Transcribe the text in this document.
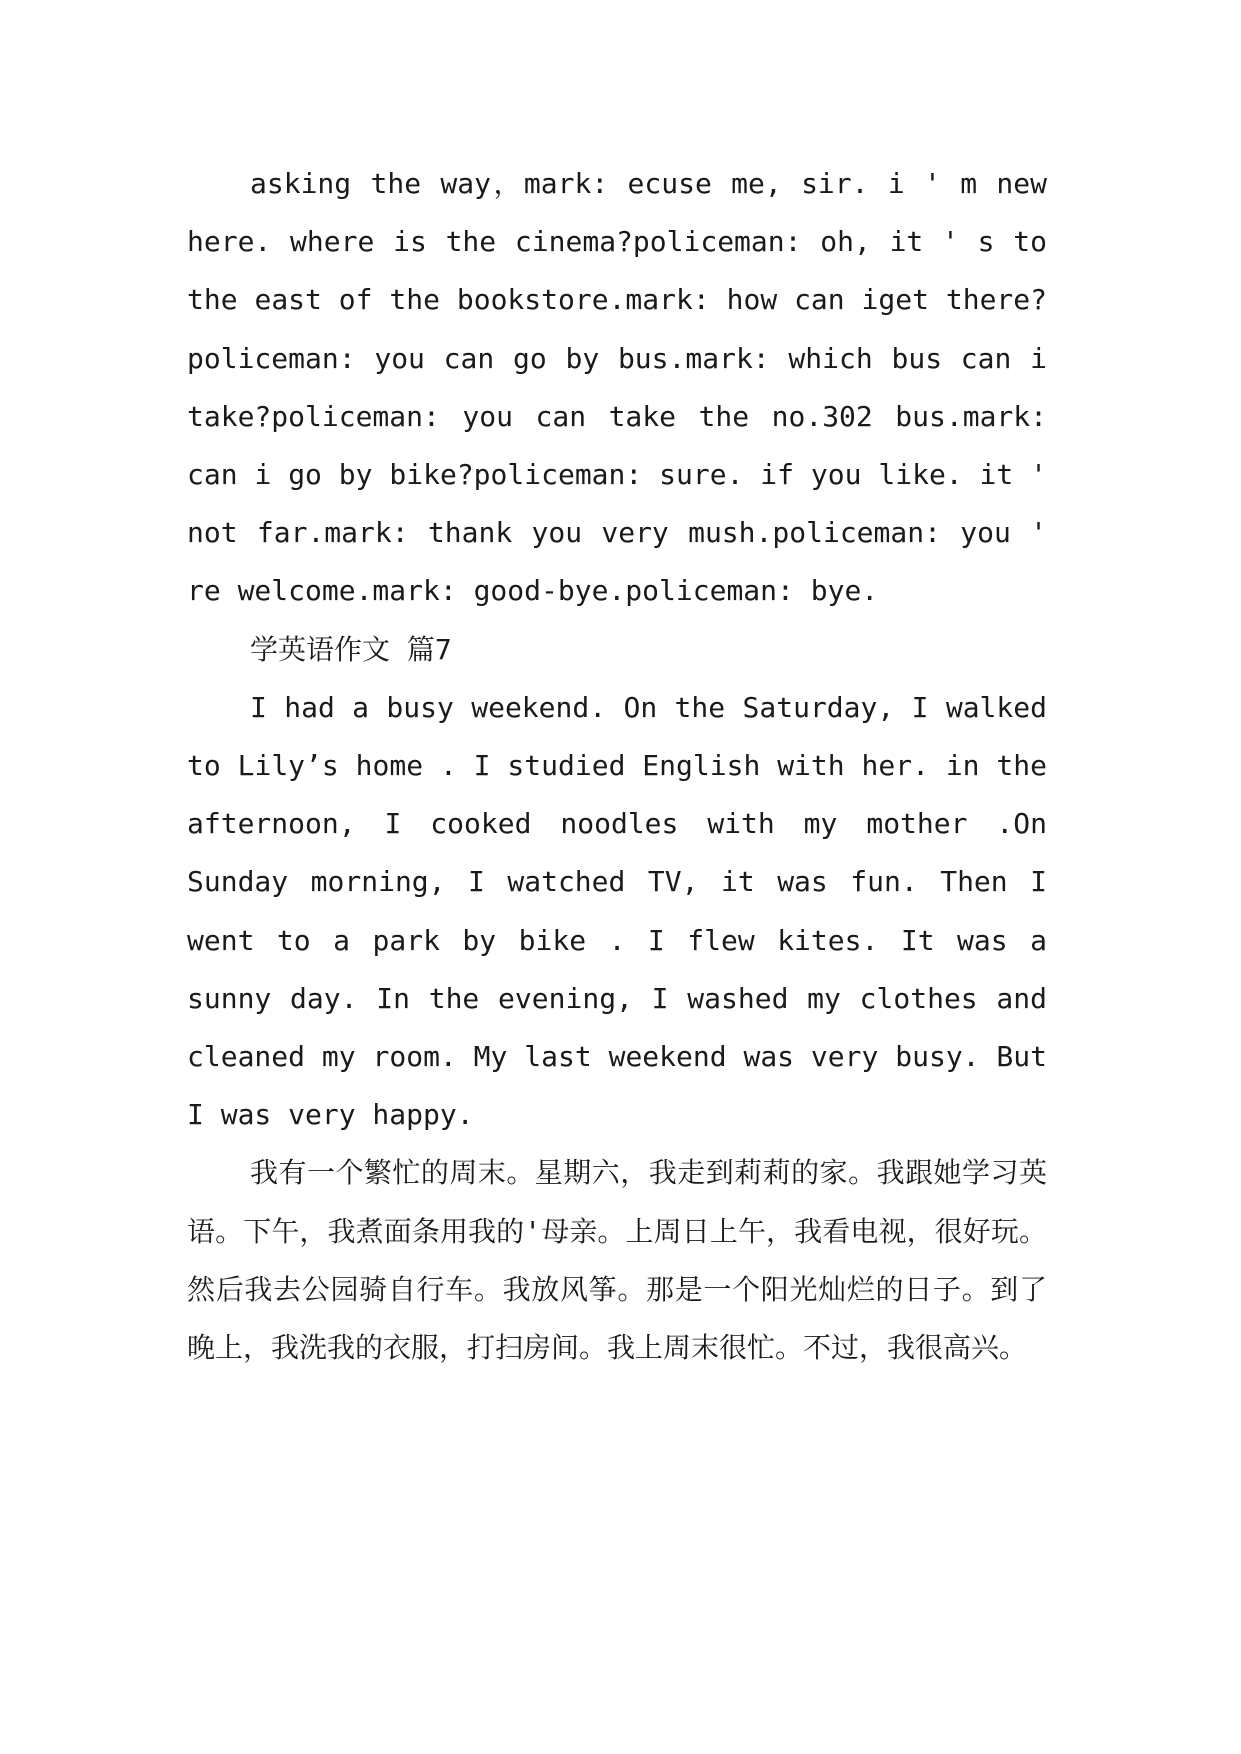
asking the way，mark: ecuse me, sir. i ' m new here. where is the cinema?policeman: oh, it ' s to the east of the bookstore.mark: how can iget there?policeman: you can go by bus.mark: which bus can i take?policeman: you can take the no.302 bus.mark: can i go by bike?policeman: sure. if you like. it ' not far.mark: thank you very mush.policeman: you ' re welcome.mark: good-bye.policeman: bye.

学英语作文 篇7

I had a busy weekend. On the Saturday, I walked to Lily’s home . I studied English with her. in the afternoon, I cooked noodles with my mother .On Sunday morning, I watched TV, it was fun. Then I went to a park by bike . I flew kites. It was a sunny day. In the evening, I washed my clothes and cleaned my room. My last weekend was very busy. But I was very happy.

我有一个繁忙的周末。星期六，我走到莉莉的家。我跟她学习英语。下午，我煮面条用我的'母亲。上周日上午，我看电视，很好玩。然后我去公园骑自行车。我放风筝。那是一个阳光灿烂的日子。到了晚上，我洗我的衣服，打扫房间。我上周末很忙。不过，我很高兴。
